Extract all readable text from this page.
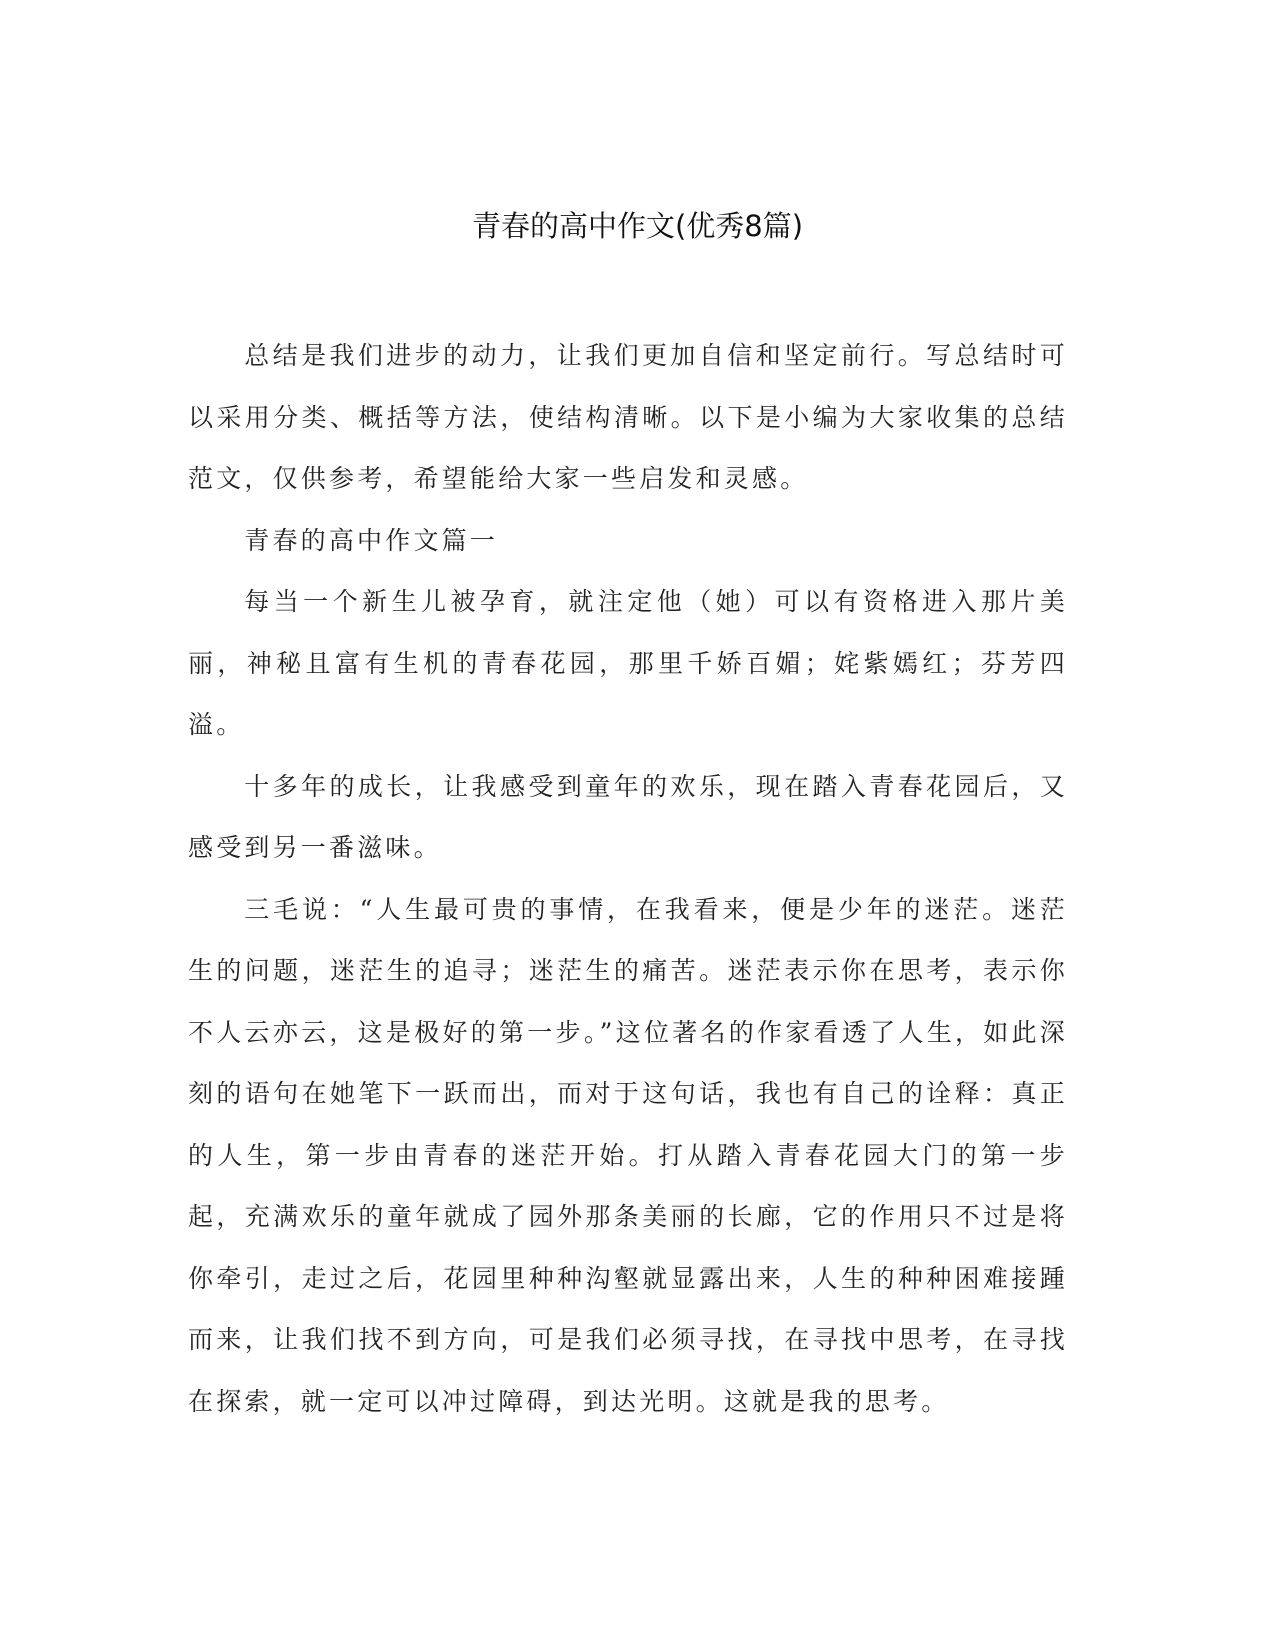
青春的高中作文(优秀8篇)

总结是我们进步的动力，让我们更加自信和坚定前行。写总结时可以采用分类、概括等方法，使结构清晰。以下是小编为大家收集的总结范文，仅供参考，希望能给大家一些启发和灵感。

青春的高中作文篇一

每当一个新生儿被孕育，就注定他（她）可以有资格进入那片美丽，神秘且富有生机的青春花园，那里千娇百媚；姹紫嫣红；芬芳四溢。

十多年的成长，让我感受到童年的欢乐，现在踏入青春花园后，又感受到另一番滋味。

三毛说：“人生最可贵的事情，在我看来，便是少年的迷茫。迷茫生的问题，迷茫生的追寻；迷茫生的痛苦。迷茫表示你在思考，表示你不人云亦云，这是极好的第一步。”这位著名的作家看透了人生，如此深刻的语句在她笔下一跃而出，而对于这句话，我也有自己的诠释：真正的人生，第一步由青春的迷茫开始。打从踏入青春花园大门的第一步起，充满欢乐的童年就成了园外那条美丽的长廊，它的作用只不过是将你牵引，走过之后，花园里种种沟壑就显露出来，人生的种种困难接踵而来，让我们找不到方向，可是我们必须寻找，在寻找中思考，在寻找在探索，就一定可以冲过障碍，到达光明。这就是我的思考。
